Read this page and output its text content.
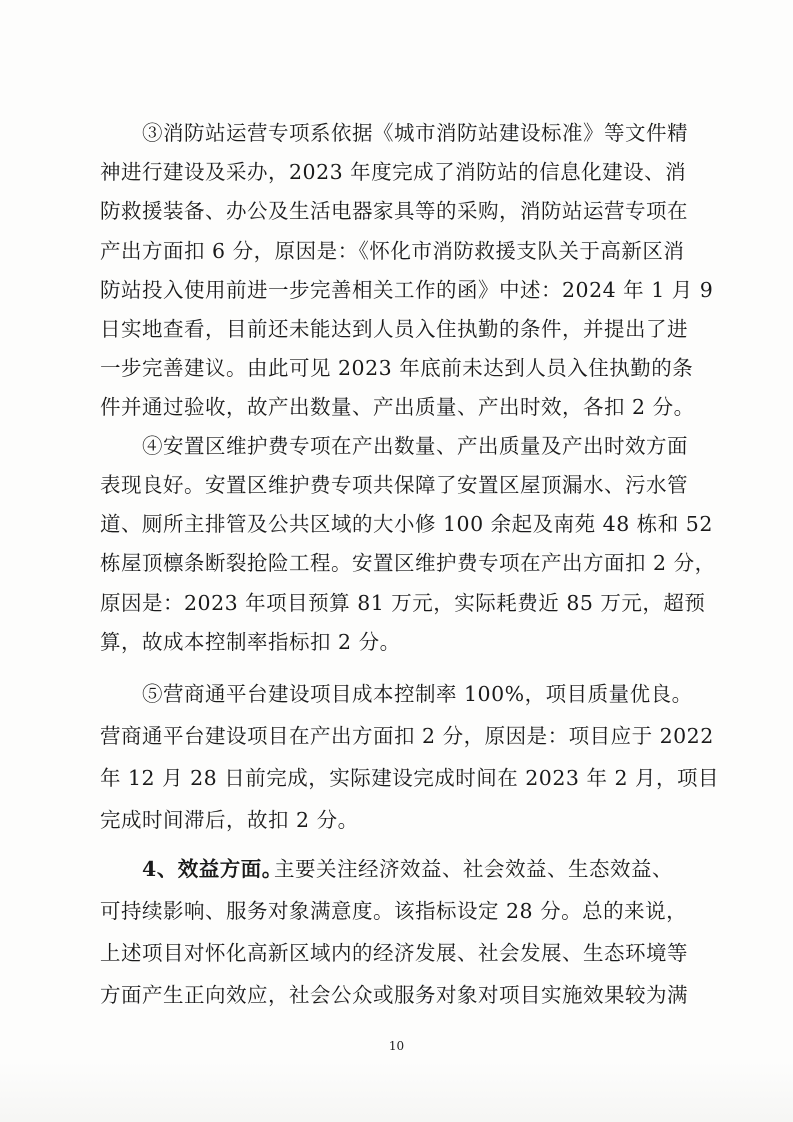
③消防站运营专项系依据《城市消防站建设标准》等文件精
神进行建设及采办，2023 年度完成了消防站的信息化建设、消
防救援装备、办公及生活电器家具等的采购，消防站运营专项在
产出方面扣 6 分，原因是：《怀化市消防救援支队关于高新区消
防站投入使用前进一步完善相关工作的函》中述：2024 年 1 月 9
日实地查看，目前还未能达到人员入住执勤的条件，并提出了进
一步完善建议。由此可见 2023 年底前未达到人员入住执勤的条
件并通过验收，故产出数量、产出质量、产出时效，各扣 2 分。
④安置区维护费专项在产出数量、产出质量及产出时效方面
表现良好。安置区维护费专项共保障了安置区屋顶漏水、污水管
道、厕所主排管及公共区域的大小修 100 余起及南苑 48 栋和 52
栋屋顶檩条断裂抢险工程。安置区维护费专项在产出方面扣 2 分，
原因是：2023 年项目预算 81 万元，实际耗费近 85 万元，超预
算，故成本控制率指标扣 2 分。
⑤营商通平台建设项目成本控制率 100%，项目质量优良。
营商通平台建设项目在产出方面扣 2 分，原因是：项目应于 2022
年 12 月 28 日前完成，实际建设完成时间在 2023 年 2 月，项目
完成时间滞后，故扣 2 分。
4、效益方面。
主要关注经济效益、社会效益、生态效益、
可持续影响、服务对象满意度。该指标设定 28 分。总的来说，
上述项目对怀化高新区域内的经济发展、社会发展、生态环境等
方面产生正向效应，社会公众或服务对象对项目实施效果较为满
10
